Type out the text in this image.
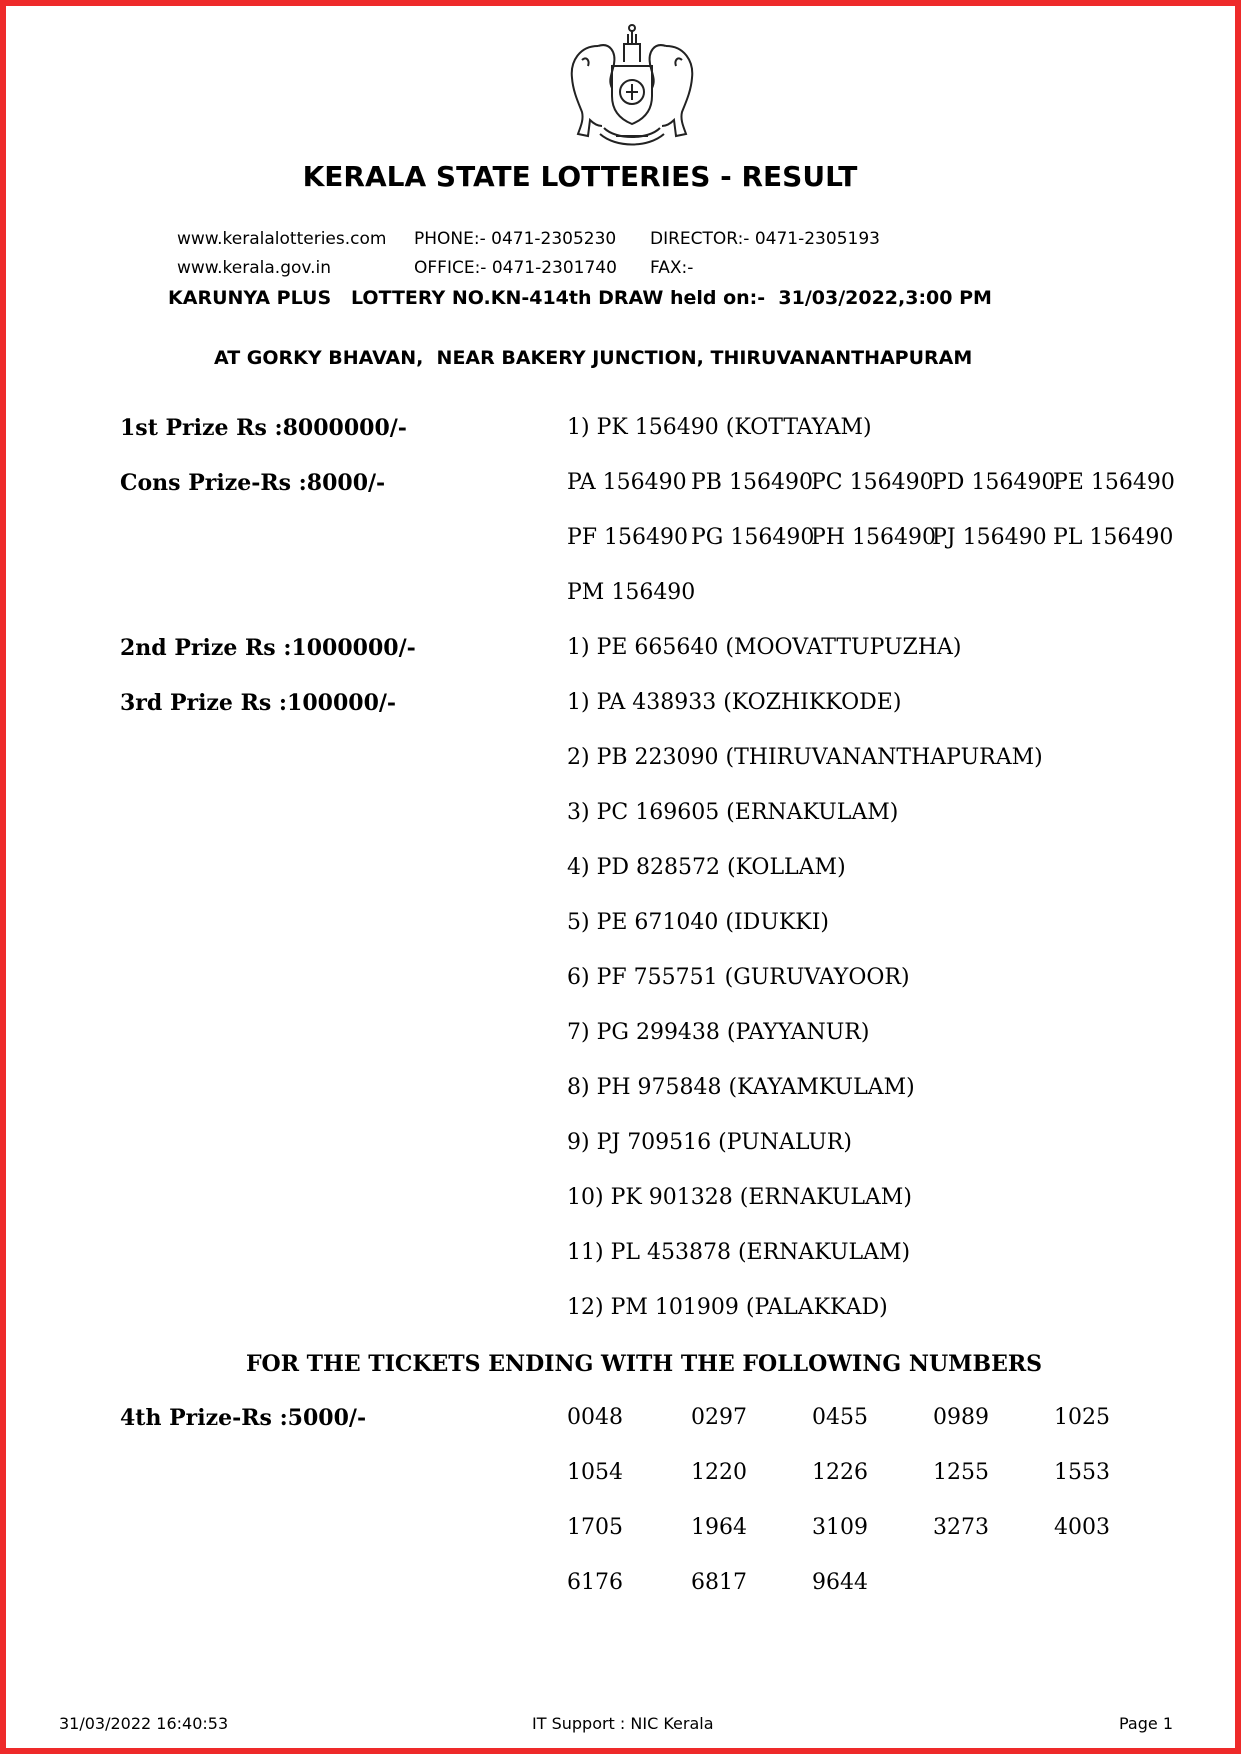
KERALA STATE LOTTERIES - RESULT
www.keralalotteries.com PHONE:- 0471-2305230 DIRECTOR:- 0471-2305193
www.kerala.gov.in	OFFICE:- 0471-2301740 FAX:-
KARUNYA PLUS   LOTTERY NO.KN-414th DRAW held on:-  31/03/2022,3:00 PM
AT GORKY BHAVAN,  NEAR BAKERY JUNCTION, THIRUVANANTHAPURAM
1st Prize Rs :8000000/-	1) PK 156490 (KOTTAYAM)
Cons Prize-Rs :8000/-	PA 156490 PB 156490
PC 156490
PD 156490
PE 156490
PF 156490 PG 156490
PH 156490
PJ 156490 PL 156490
PM 156490
2nd Prize Rs :1000000/-	1) PE 665640 (MOOVATTUPUZHA)
3rd Prize Rs :100000/-	1) PA 438933 (KOZHIKKODE)
2) PB 223090 (THIRUVANANTHAPURAM)
3) PC 169605 (ERNAKULAM)
4) PD 828572 (KOLLAM)
5) PE 671040 (IDUKKI)
6) PF 755751 (GURUVAYOOR)
7) PG 299438 (PAYYANUR)
8) PH 975848 (KAYAMKULAM)
9) PJ 709516 (PUNALUR)
10) PK 901328 (ERNAKULAM)
11) PL 453878 (ERNAKULAM)
12) PM 101909 (PALAKKAD)
FOR THE TICKETS ENDING WITH THE FOLLOWING NUMBERS
4th Prize-Rs :5000/-	0048	0297	0455	0989	1025
1054	1220	1226	1255	1553
1705	1964	3109	3273	4003
6176	6817	9644
31/03/2022 16:40:53	IT Support : NIC Kerala	Page 1
